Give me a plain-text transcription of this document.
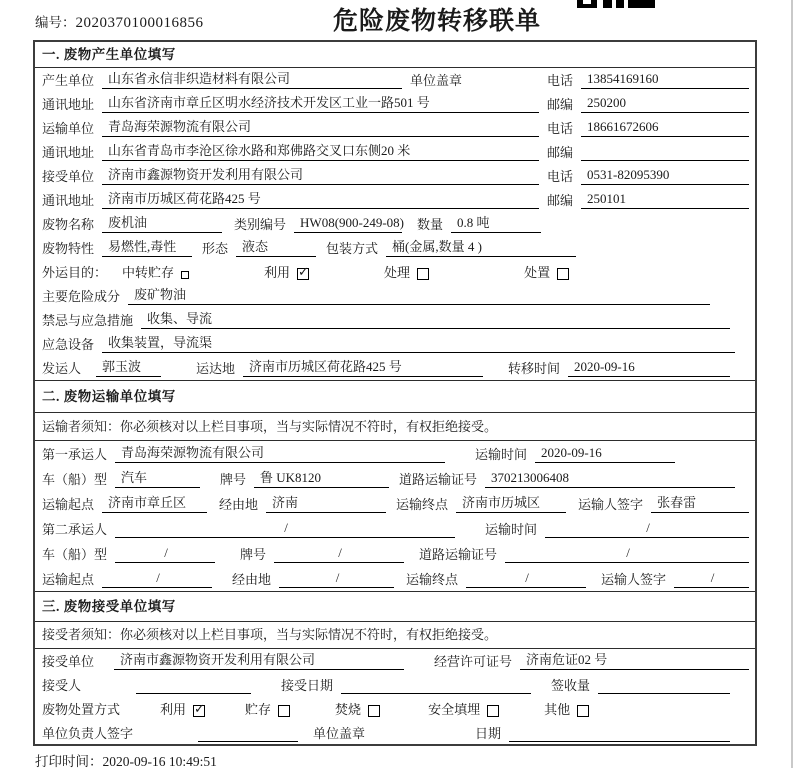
编号：2020370100016856	危险废物转移联单
一. 废物产生单位填写
产生单位	山东省永信非织造材料有限公司	单位盖章	电话	13854169160
通讯地址	山东省济南市章丘区明水经济技术开发区工业一路501 号	邮编	250200
运输单位	青岛海荣源物流有限公司	电话	18661672606
通讯地址	山东省青岛市李沧区徐水路和郑佛路交叉口东侧20 米	邮编
接受单位	济南市鑫源物资开发利用有限公司	电话	0531-82095390
通讯地址	济南市历城区荷花路425 号	邮编	250101
废物名称	废机油	类别编号	HW08(900-249-08) 数量	0.8 吨
废物特性	易燃性,毒性	形态	液态	包装方式	桶(金属,数量 4 )
外运目的： 中转贮存	利用 ✓	处理	处置
主要危险成分	废矿物油
禁忌与应急措施	收集、导流
应急设备	收集装置，导流渠
发运人	郭玉波	运达地	济南市历城区荷花路425 号	转移时间	2020-09-16
二. 废物运输单位填写
运输者须知：你必须核对以上栏目事项，当与实际情况不符时，有权拒绝接受。
第一承运人	青岛海荣源物流有限公司	运输时间	2020-09-16
车（船）型	汽车	牌号	鲁 UK8120	道路运输证号	370213006408
运输起点	济南市章丘区	经由地	济南	运输终点	济南市历城区	运输人签字	张春雷
第二承运人	/	运输时间	/
车（船）型	/	牌号	/	道路运输证号	/
运输起点	/	经由地	/	运输终点	/	运输人签字	/
三. 废物接受单位填写
接受者须知：你必须核对以上栏目事项，当与实际情况不符时，有权拒绝接受。
接受单位	济南市鑫源物资开发利用有限公司	经营许可证号	济南危证02 号
接受人	接受日期	签收量
废物处置方式	利用 ✓	贮存	焚烧	安全填埋	其他
单位负责人签字	单位盖章	日期
打印时间：2020-09-16 10:49:51
